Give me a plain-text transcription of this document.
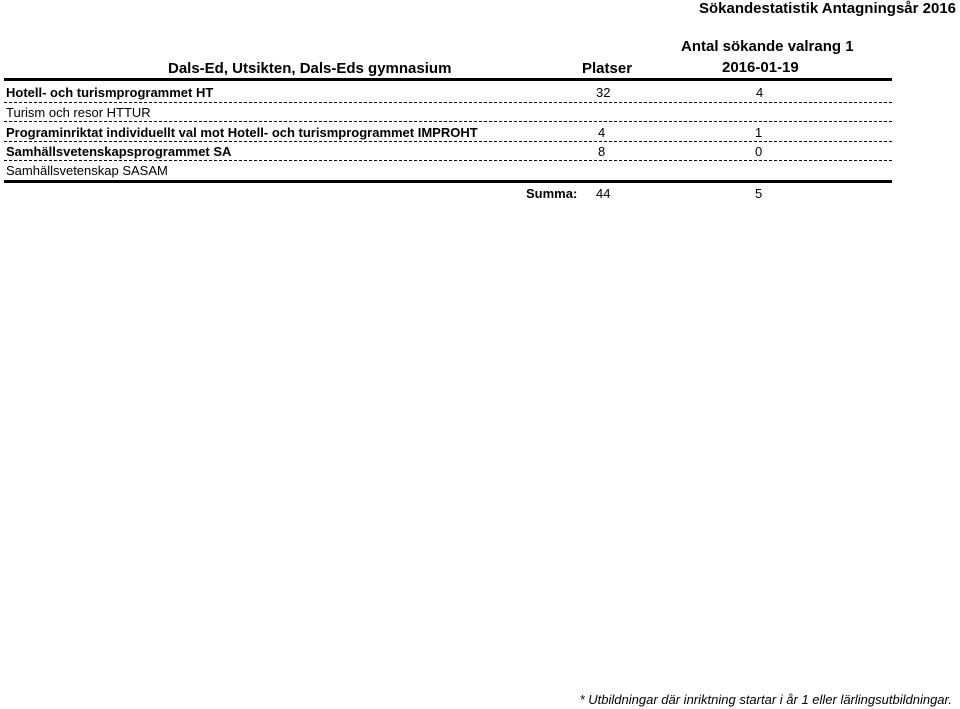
Sökandestatistik Antagningsår 2016
Antal sökande valrang 1
Dals-Ed, Utsikten, Dals-Eds gymnasium	Platser	2016-01-19
Hotell- och turismprogrammet HT	32	4
Turism och resor HTTUR
Programinriktat individuellt val mot Hotell- och turismprogrammet IMPROHT	4	1
Samhällsvetenskapsprogrammet SA	8	0
Samhällsvetenskap SASAM
Summa: 44	5
* Utbildningar där inriktning startar i år 1 eller lärlingsutbildningar.
